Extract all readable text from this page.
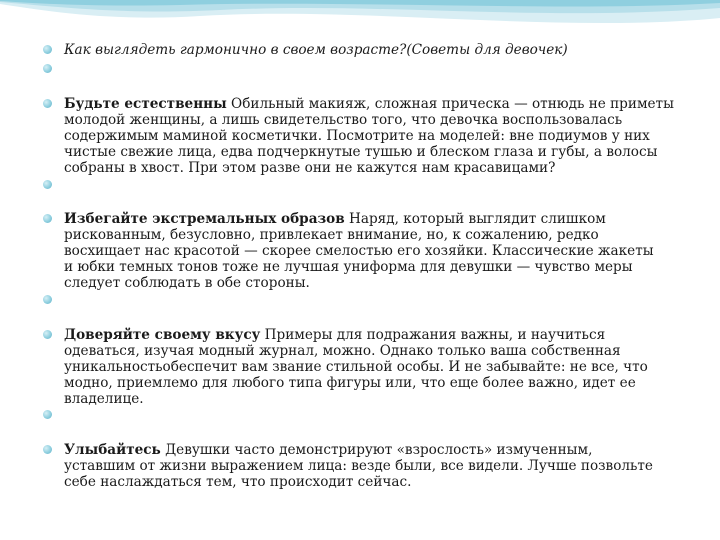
Как выглядеть гармонично в своем возрасте?(Советы для девочек)
Будьте естественны Обильный макияж, сложная прическа — отнюдь не приметы
молодой женщины, а лишь свидетельство того, что девочка воспользовалась
содержимым маминой косметички. Посмотрите на моделей: вне подиумов у них
чистые свежие лица, едва подчеркнутые тушью и блеском глаза и губы, а волосы
собраны в хвост. При этом разве они не кажутся нам красавицами?
Избегайте экстремальных образов Наряд, который выглядит слишком
рискованным, безусловно, привлекает внимание, но, к сожалению, редко
восхищает нас красотой — скорее смелостью его хозяйки. Классические жакеты
и юбки темных тонов тоже не лучшая униформа для девушки — чувство меры
следует соблюдать в обе стороны.
Доверяйте своему вкусу Примеры для подражания важны, и научиться
одеваться, изучая модный журнал, можно. Однако только ваша собственная
уникальностьобеспечит вам звание стильной особы. И не забывайте: не все, что
модно, приемлемо для любого типа фигуры или, что еще более важно, идет ее
владелице.
Улыбайтесь Девушки часто демонстрируют «взрослость» измученным,
уставшим от жизни выражением лица: везде были, все видели. Лучше позвольте
себе наслаждаться тем, что происходит сейчас.
